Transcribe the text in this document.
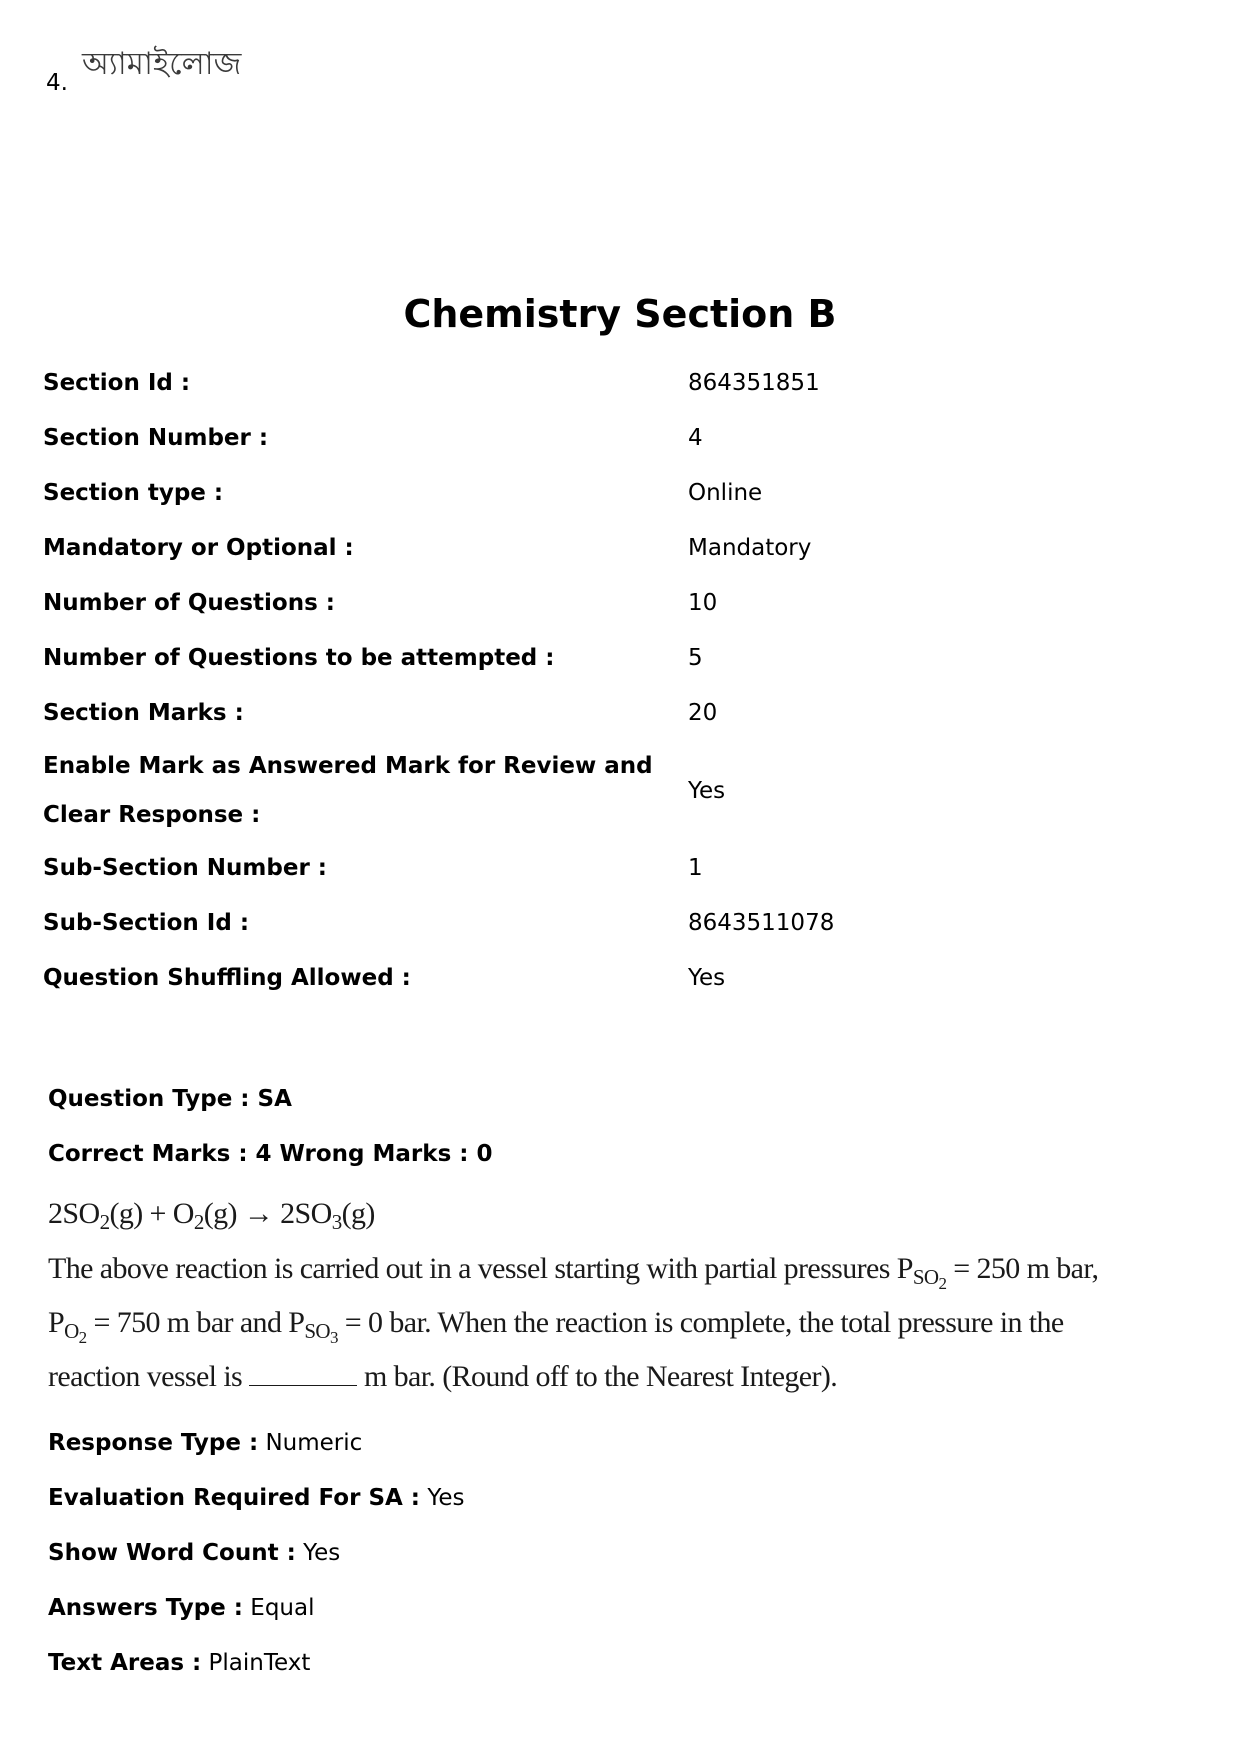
4.
অ্যামাইলোজ
Chemistry Section B
Section Id :	864351851
Section Number :	4
Section type :	Online
Mandatory or Optional :	Mandatory
Number of Questions :	10
Number of Questions to be attempted :	5
Section Marks :	20
Enable Mark as Answered Mark for Review and
Clear Response :	Yes
Sub-Section Number :	1
Sub-Section Id :	8643511078
Question Shuffling Allowed :	Yes
Question Type : SA
Correct Marks : 4 Wrong Marks : 0
$2SO_2(g) + O_2(g) \to 2SO_3(g)$
The above reaction is carried out in a vessel starting with partial pressures $P_{SO_2} = 250$ m bar,
$P_{O_2} = 750$ m bar and $P_{SO_3} = 0$ bar. When the reaction is complete, the total pressure in the
reaction vessel is	m bar. (Round off to the Nearest Integer).
Response Type : Numeric
Evaluation Required For SA : Yes
Show Word Count : Yes
Answers Type : Equal
Text Areas : PlainText
